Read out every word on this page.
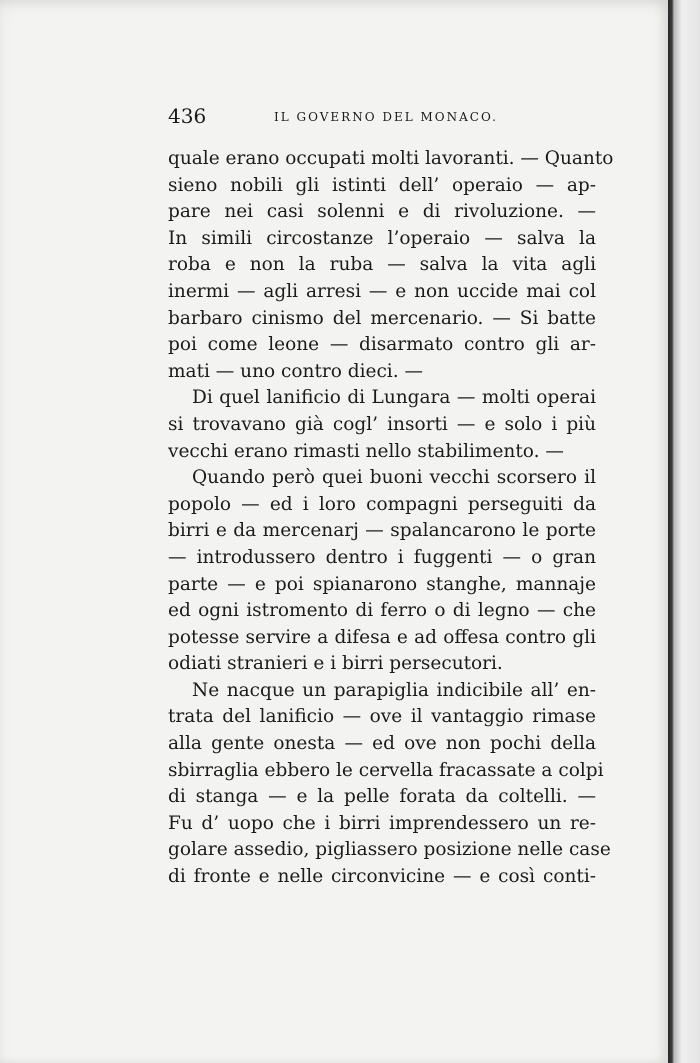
436	IL GOVERNO DEL MONACO.
quale erano occupati molti lavoranti. — Quanto
sieno nobili gli istinti dell’ operaio — ap-
pare nei casi solenni e di rivoluzione. —
In simili circostanze l’operaio — salva la
roba e non la ruba — salva la vita agli
inermi — agli arresi — e non uccide mai col
barbaro cinismo del mercenario. — Si batte
poi come leone — disarmato contro gli ar-
mati — uno contro dieci. —
Di quel lanificio di Lungara — molti operai
si trovavano già cogl’ insorti — e solo i più
vecchi erano rimasti nello stabilimento. —
Quando però quei buoni vecchi scorsero il
popolo — ed i loro compagni perseguiti da
birri e da mercenarj — spalancarono le porte
— introdussero dentro i fuggenti — o gran
parte — e poi spianarono stanghe, mannaje
ed ogni istromento di ferro o di legno — che
potesse servire a difesa e ad offesa contro gli
odiati stranieri e i birri persecutori.
Ne nacque un parapiglia indicibile all’ en-
trata del lanificio — ove il vantaggio rimase
alla gente onesta — ed ove non pochi della
sbirraglia ebbero le cervella fracassate a colpi
di stanga — e la pelle forata da coltelli. —
Fu d’ uopo che i birri imprendessero un re-
golare assedio, pigliassero posizione nelle case
di fronte e nelle circonvicine — e così conti-
